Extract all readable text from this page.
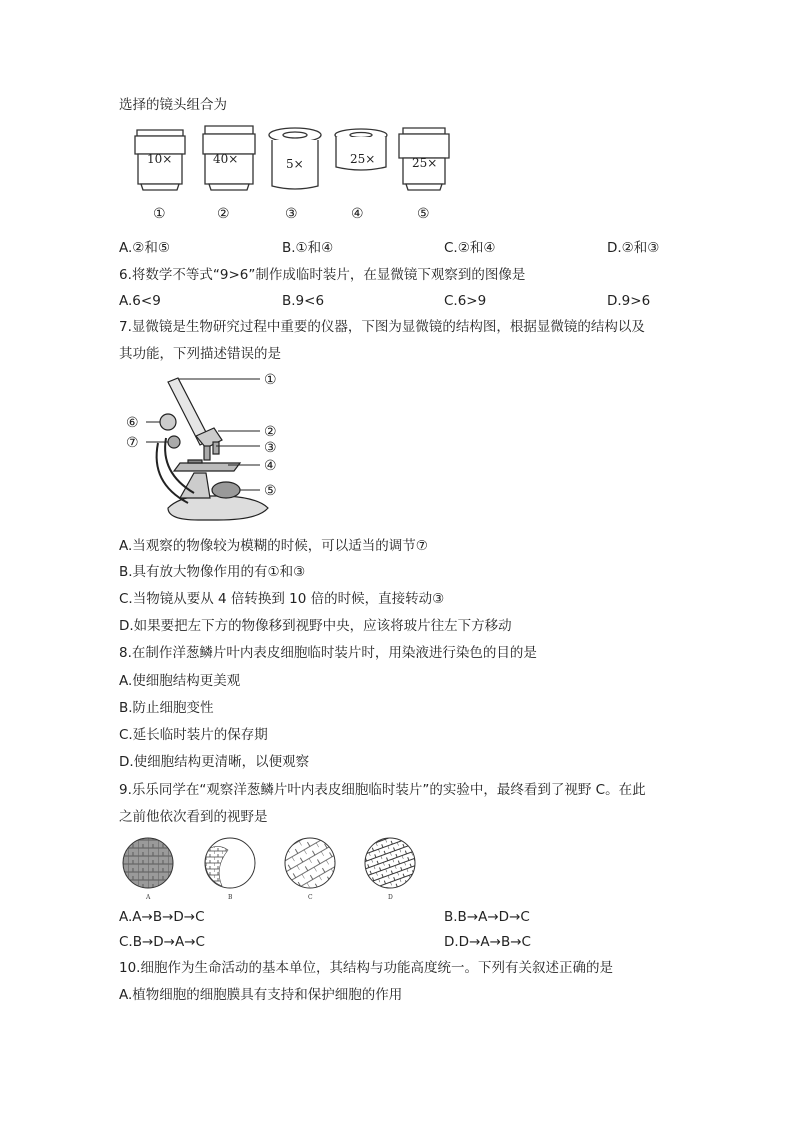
选择的镜头组合为
10×	40×	5×	25×	25×
①	②	③	④	⑤
A.②和⑤	B.①和④	C.②和④	D.②和③
6.将数学不等式“9>6”制作成临时装片，在显微镜下观察到的图像是
A.6<9	B.9<6	C.6>9	D.9>6
7.显微镜是生物研究过程中重要的仪器，下图为显微镜的结构图，根据显微镜的结构以及
其功能，下列描述错误的是
①
②
③
④
⑤
⑥
⑦
A.当观察的物像较为模糊的时候，可以适当的调节⑦
B.具有放大物像作用的有①和③
C.当物镜从要从 4 倍转换到 10 倍的时候，直接转动③
D.如果要把左下方的物像移到视野中央，应该将玻片往左下方移动
8.在制作洋葱鳞片叶内表皮细胞临时装片时，用染液进行染色的目的是
A.使细胞结构更美观
B.防止细胞变性
C.延长临时装片的保存期
D.使细胞结构更清晰，以便观察
9.乐乐同学在“观察洋葱鳞片叶内表皮细胞临时装片”的实验中，最终看到了视野 C。在此
之前他依次看到的视野是
A	B	C	D
A.A→B→D→C	B.B→A→D→C
C.B→D→A→C	D.D→A→B→C
10.细胞作为生命活动的基本单位，其结构与功能高度统一。下列有关叙述正确的是
A.植物细胞的细胞膜具有支持和保护细胞的作用
